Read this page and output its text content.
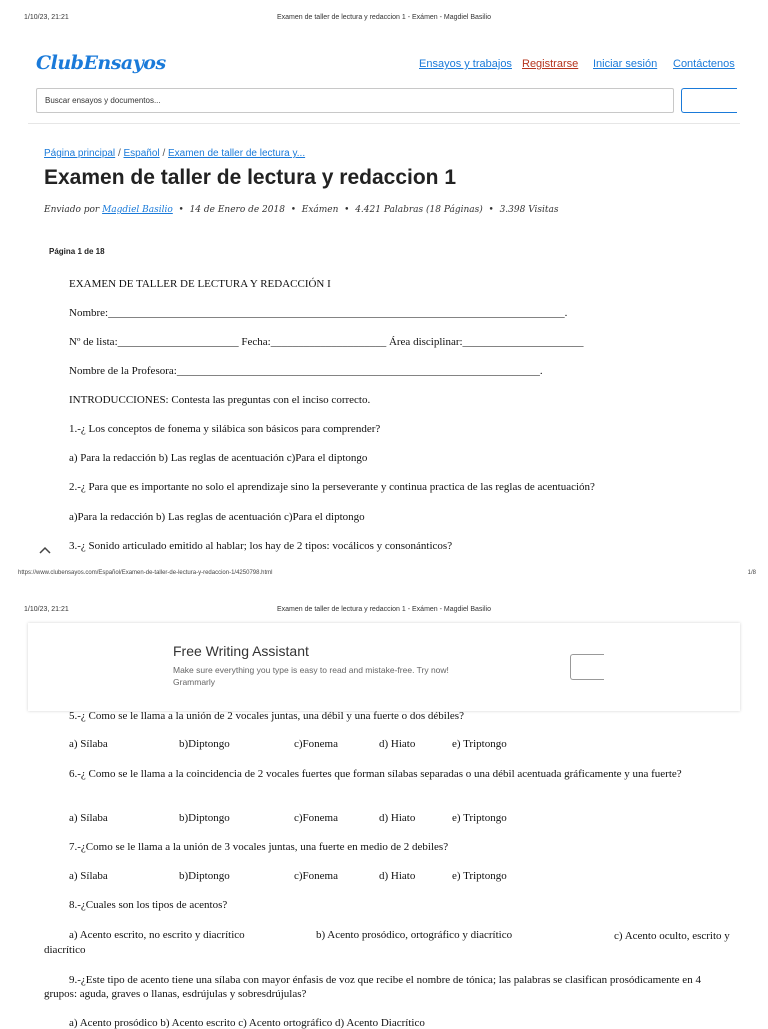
1/10/23, 21:21	Examen de taller de lectura y redaccion 1 - Exámen - Magdiel Basilio
ClubEnsayos	Ensayos y trabajos Registrarse Iniciar sesión Contáctenos
Buscar ensayos y documentos...
Página principal / Español / Examen de taller de lectura y...
Examen de taller de lectura y redaccion 1
Enviado por Magdiel Basilio • 14 de Enero de 2018 • Exámen • 4.421 Palabras (18 Páginas) • 3.398 Visitas
Página 1 de 18
EXAMEN DE TALLER DE LECTURA Y REDACCIÓN I
Nombre:___________________________________________________________________________________.
Nº de lista:______________________ Fecha:_____________________ Área disciplinar:______________________
Nombre de la Profesora:__________________________________________________________________.
INTRODUCCIONES: Contesta las preguntas con el inciso correcto.
1.-¿ Los conceptos de fonema y silábica son básicos para comprender?
a) Para la redacción b) Las reglas de acentuación c)Para el diptongo
2.-¿ Para que es importante no solo el aprendizaje sino la perseverante y continua practica de las reglas de acentuación?
a)Para la redacción b) Las reglas de acentuación c)Para el diptongo
3.-¿ Sonido articulado emitido al hablar; los hay de 2 tipos: vocálicos y consonánticos?
https://www.clubensayos.com/Español/Examen-de-taller-de-lectura-y-redaccion-1/4250798.html	1/8
1/10/23, 21:21	Examen de taller de lectura y redaccion 1 - Exámen - Magdiel Basilio
Free Writing Assistant
Make sure everything you type is easy to read and mistake-free. Try now!
Grammarly
5.-¿ Como se le llama a la unión de 2 vocales juntas, una débil y una fuerte o dos débiles?
a) Sílaba	b)Diptongo	c)Fonema	d) Hiato	e) Triptongo
6.-¿ Como se le llama a la coincidencia de 2 vocales fuertes que forman sílabas separadas o una débil acentuada gráficamente y una fuerte?
a) Sílaba	b)Diptongo	c)Fonema	d) Hiato	e) Triptongo
7.-¿Como se le llama a la unión de 3 vocales juntas, una fuerte en medio de 2 debiles?
a) Sílaba	b)Diptongo	c)Fonema	d) Hiato	e) Triptongo
8.-¿Cuales son los tipos de acentos?
a) Acento escrito, no escrito y diacrítico	b) Acento prosódico, ortográfico y diacrítico	c) Acento oculto, escrito y diacrítico
9.-¿Este tipo de acento tiene una sílaba con mayor énfasis de voz que recibe el nombre de tónica; las palabras se clasifican prosódicamente en 4 grupos: aguda, graves o llanas, esdrújulas y sobresdrújulas?
a) Acento prosódico b) Acento escrito c) Acento ortográfico d) Acento Diacrítico
